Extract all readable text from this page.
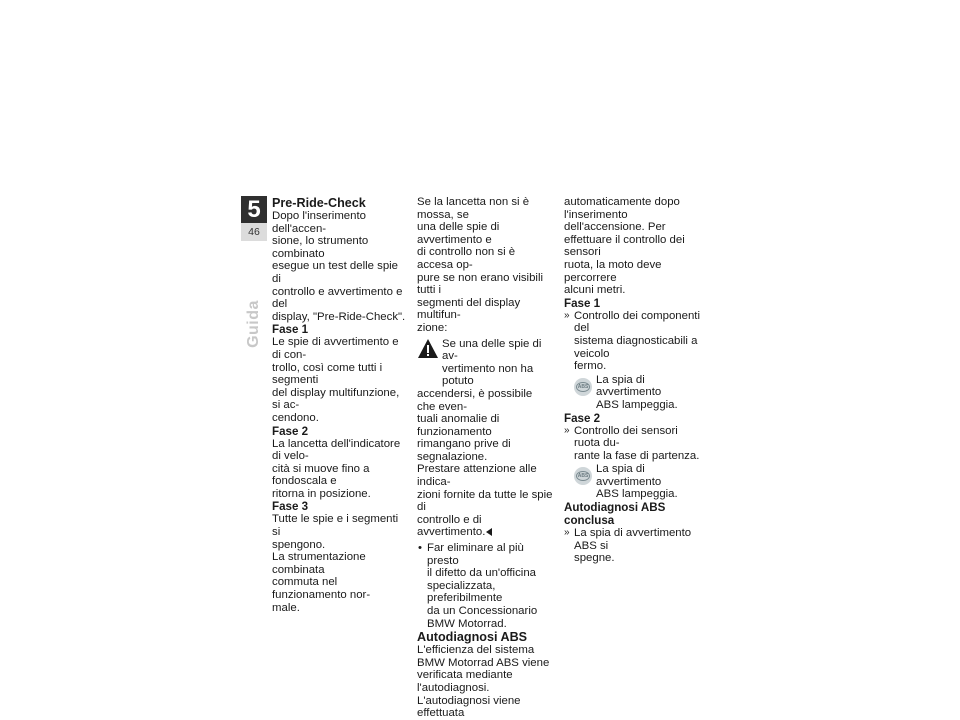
5
46
Guida

Pre-Ride-Check

Dopo l'inserimento dell'accen-
sione, lo strumento combinato
esegue un test delle spie di
controllo e avvertimento e del
display, "Pre-Ride-Check".

Fase 1

Le spie di avvertimento e di con-
trollo, così come tutti i segmenti
del display multifunzione, si ac-
cendono.

Fase 2

La lancetta dell'indicatore di velo-
cità si muove fino a fondoscala e
ritorna in posizione.

Fase 3

Tutte le spie e i segmenti si
spengono.
La strumentazione combinata
commuta nel funzionamento nor-
male.

Se la lancetta non si è mossa, se
una delle spie di avvertimento e
di controllo non si è accesa op-
pure se non erano visibili tutti i
segmenti del display multifun-
zione:

Se una delle spie di av-
vertimento non ha potuto

accendersi, è possibile che even-
tuali anomalie di funzionamento
rimangano prive di segnalazione.
Prestare attenzione alle indica-
zioni fornite da tutte le spie di
controllo e di avvertimento.

• Far eliminare al più presto
il difetto da un'officina
specializzata, preferibilmente
da un Concessionario
BMW Motorrad.

Autodiagnosi ABS

L'efficienza del sistema
BMW Motorrad ABS viene
verificata mediante l'autodiagnosi.
L'autodiagnosi viene effettuata

automaticamente dopo
l'inserimento dell'accensione. Per
effettuare il controllo dei sensori
ruota, la moto deve percorrere
alcuni metri.

Fase 1

» Controllo dei componenti del
sistema diagnosticabili a veicolo
fermo.

ABS

La spia di avvertimento
ABS lampeggia.

Fase 2

» Controllo dei sensori ruota du-
rante la fase di partenza.

ABS

La spia di avvertimento
ABS lampeggia.

Autodiagnosi ABS conclusa

» La spia di avvertimento ABS si
spegne.
